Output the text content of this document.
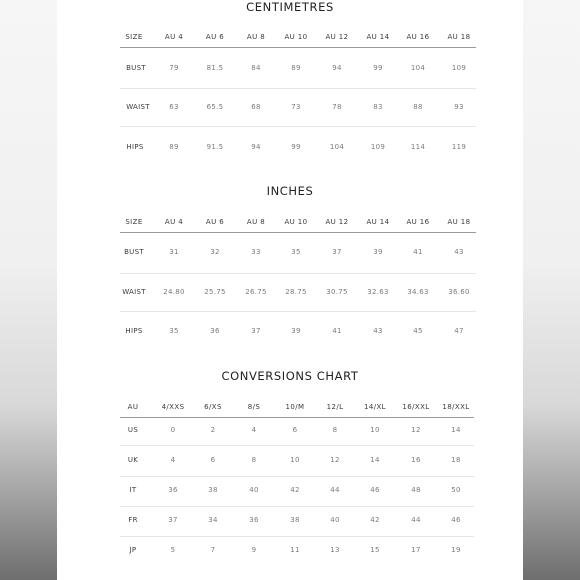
CENTIMETRES
SIZE	AU 4	AU 6	AU 8	AU 10	AU 12	AU 14	AU 16	AU 18
BUST	79	81.5	84	89	94	99	104	109
WAIST	63	65.5	68	73	78	83	88	93
HIPS	89	91.5	94	99	104	109	114	119
INCHES
SIZE	AU 4	AU 6	AU 8	AU 10	AU 12	AU 14	AU 16	AU 18
BUST	31	32	33	35	37	39	41	43
WAIST	24.80	25.75	26.75	28.75	30.75	32.63	34.63	36.60
HIPS	35	36	37	39	41	43	45	47
CONVERSIONS CHART
AU	4/XXS	6/XS	8/S	10/M	12/L	14/XL	16/XXL	18/XXL
US	0	2	4	6	8	10	12	14
UK	4	6	8	10	12	14	16	18
IT	36	38	40	42	44	46	48	50
FR	37	34	36	38	40	42	44	46
JP	5	7	9	11	13	15	17	19
